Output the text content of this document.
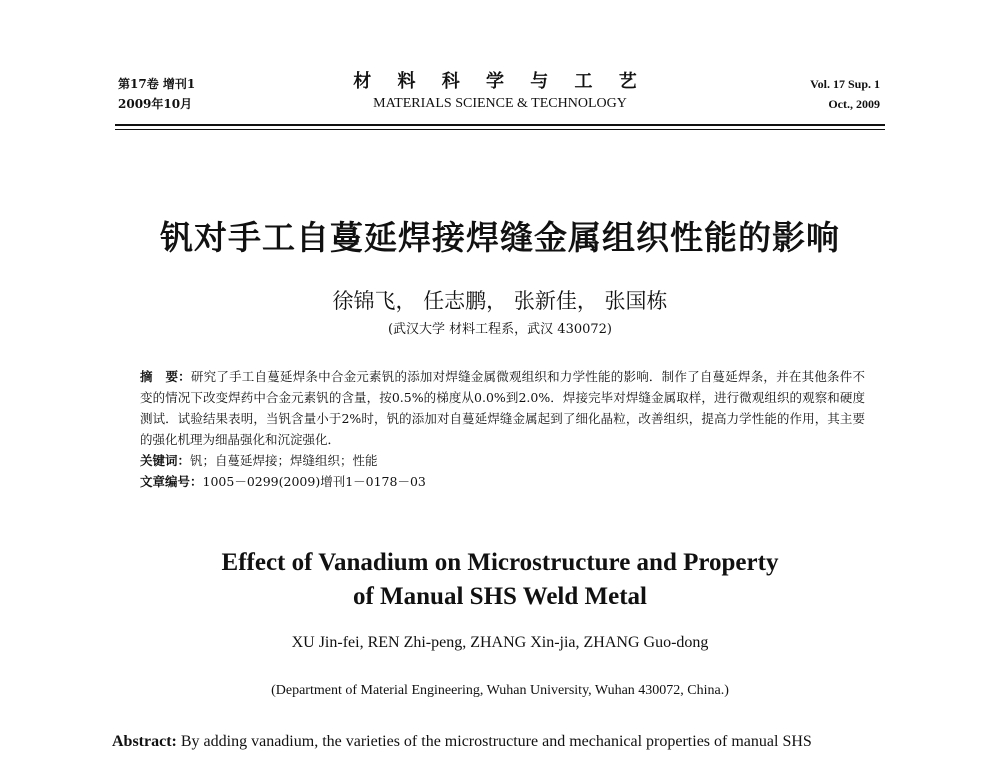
第17卷 增刊1
2009年10月
材 料 科 学 与 工 艺
MATERIALS SCIENCE & TECHNOLOGY
Vol. 17 Sup. 1
Oct., 2009
钒对手工自蔓延焊接焊缝金属组织性能的影响
徐锦飞， 任志鹏， 张新佳， 张国栋
(武汉大学 材料工程系，武汉 430072)
摘　要：研究了手工自蔓延焊条中合金元素钒的添加对焊缝金属微观组织和力学性能的影响．制作了自蔓延焊条，并在其他条件不变的情况下改变焊药中合金元素钒的含量，按0.5%的梯度从0.0%到2.0%．焊接完毕对焊缝金属取样，进行微观组织的观察和硬度测试．试验结果表明，当钒含量小于2%时，钒的添加对自蔓延焊缝金属起到了细化晶粒，改善组织，提高力学性能的作用，其主要的强化机理为细晶强化和沉淀强化．
关键词：钒；自蔓延焊接；焊缝组织；性能
文章编号：1005－0299(2009)增刊1－0178－03
Effect of Vanadium on Microstructure and Property
of Manual SHS Weld Metal
XU Jin-fei, REN Zhi-peng, ZHANG Xin-jia, ZHANG Guo-dong
(Department of Material Engineering, Wuhan University, Wuhan 430072, China.)
Abstract: By adding vanadium, the varieties of the microstructure and mechanical properties of manual SHS
